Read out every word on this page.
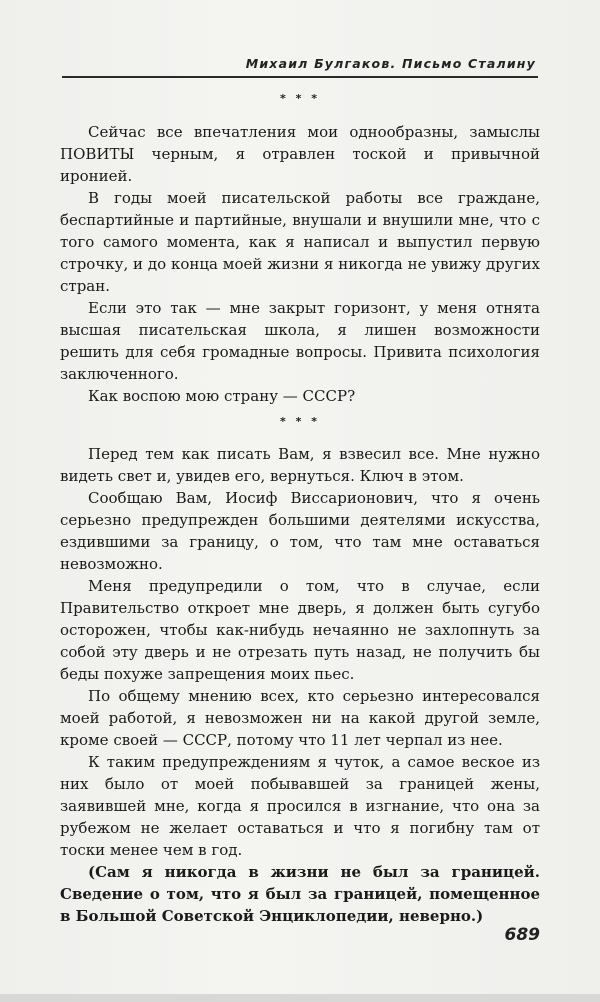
Михаил Булгаков. Письмо Сталину
* * *

Сейчас все впечатления мои однообразны, замыслы ПОВИТЫ черным, я отравлен тоской и привычной иронией.

В годы моей писательской работы все граждане, беспартийные и партийные, внушали и внушили мне, что с того самого момента, как я написал и выпустил первую строчку, и до конца моей жизни я никогда не увижу других стран.

Если это так — мне закрыт горизонт, у меня отнята высшая писательская школа, я лишен возможности решить для себя громадные вопросы. Привита психология заключенного.

Как воспою мою страну — СССР?

* * *

Перед тем как писать Вам, я взвесил все. Мне нужно видеть свет и, увидев его, вернуться. Ключ в этом.

Сообщаю Вам, Иосиф Виссарионович, что я очень серьезно предупрежден большими деятелями искусства, ездившими за границу, о том, что там мне оставаться невозможно.

Меня предупредили о том, что в случае, если Правительство откроет мне дверь, я должен быть сугубо осторожен, чтобы как-нибудь нечаянно не захлопнуть за собой эту дверь и не отрезать путь назад, не получить бы беды похуже запрещения моих пьес.

По общему мнению всех, кто серьезно интересовался моей работой, я невозможен ни на какой другой земле, кроме своей — СССР, потому что 11 лет черпал из нее.

К таким предупреждениям я чуток, а самое веское из них было от моей побывавшей за границей жены, заявившей мне, когда я просился в изгнание, что она за рубежом не желает оставаться и что я погибну там от тоски менее чем в год.

(Сам я никогда в жизни не был за границей. Сведение о том, что я был за границей, помещенное в Большой Советской Энциклопедии, неверно.)

689
